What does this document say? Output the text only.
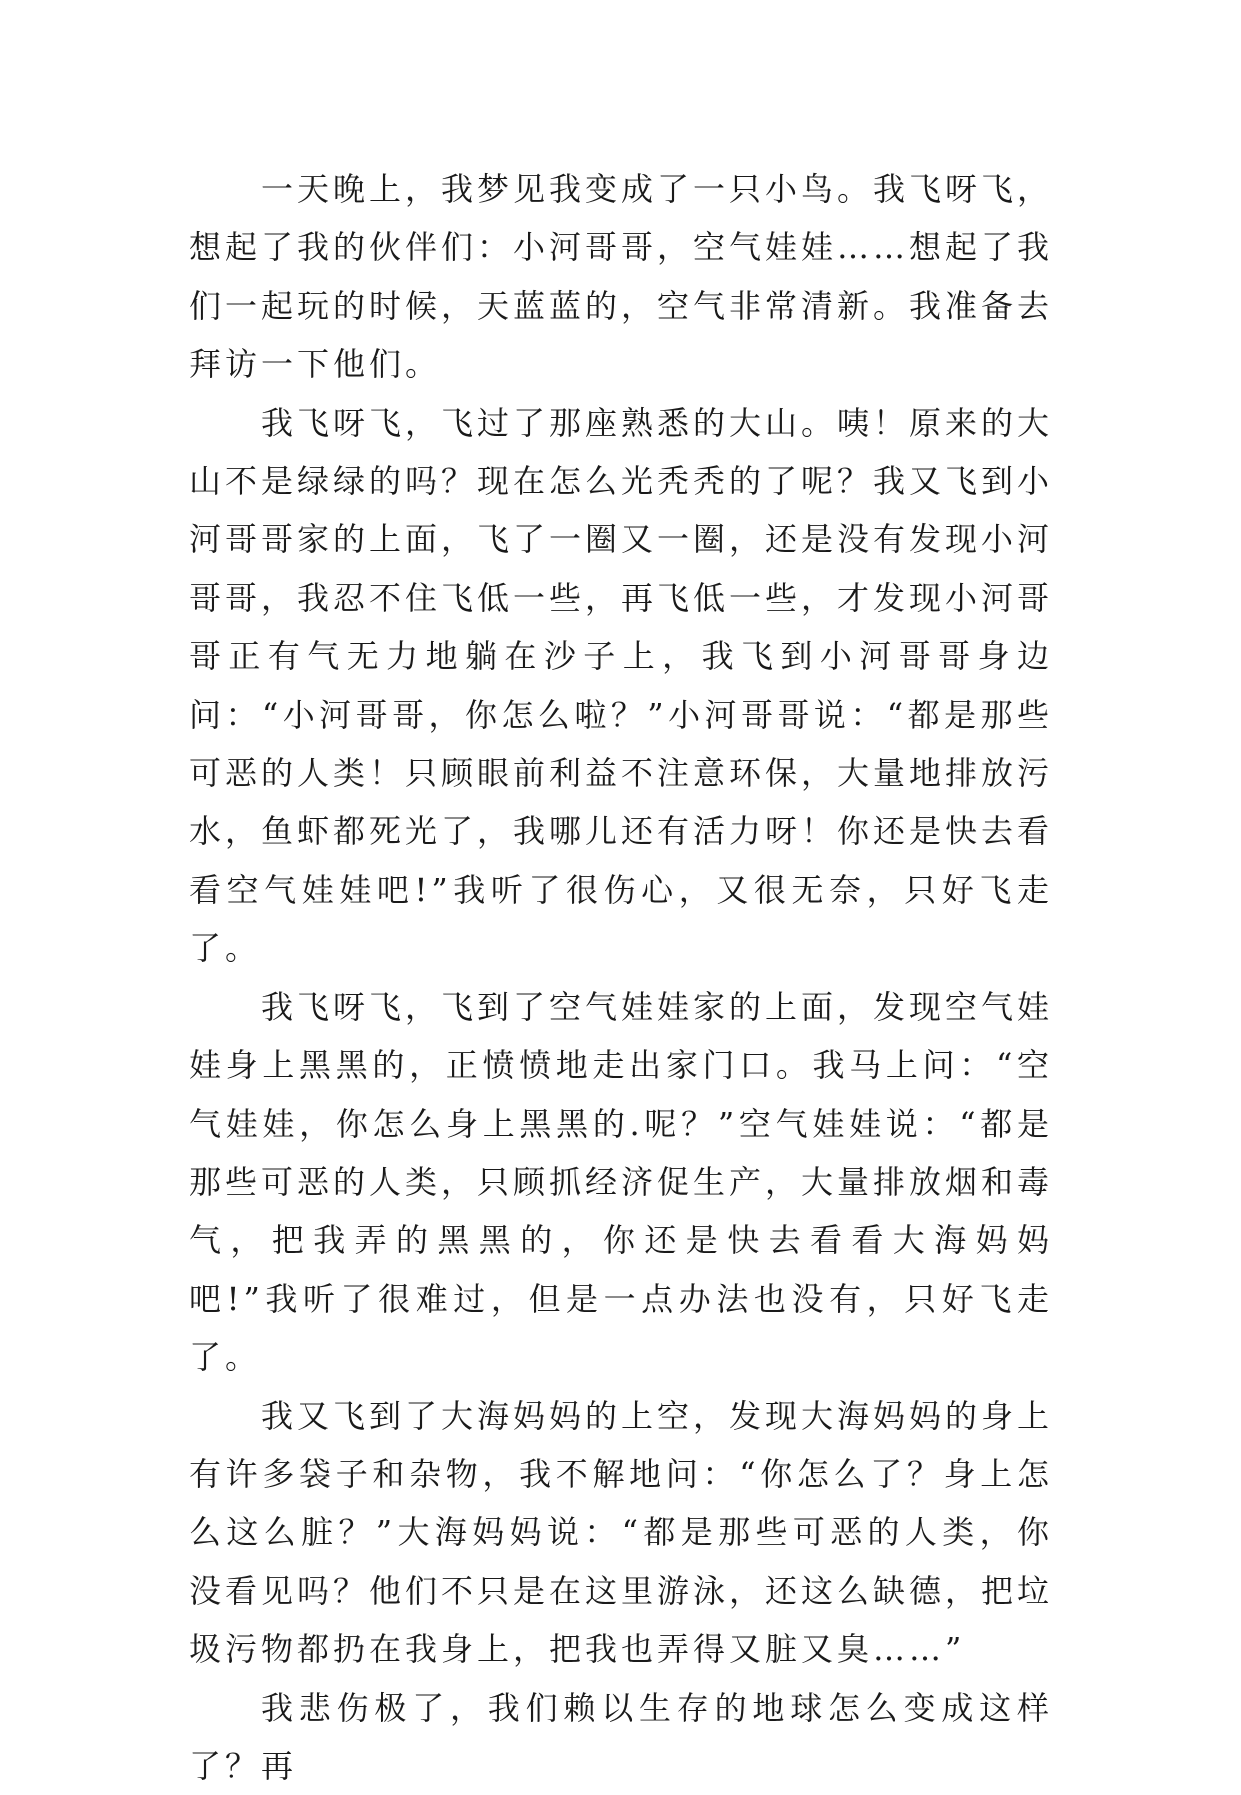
一天晚上，我梦见我变成了一只小鸟。我飞呀飞，想起了我的伙伴们：小河哥哥，空气娃娃……想起了我们一起玩的时候，天蓝蓝的，空气非常清新。我准备去拜访一下他们。

我飞呀飞，飞过了那座熟悉的大山。咦！原来的大山不是绿绿的吗？现在怎么光秃秃的了呢？我又飞到小河哥哥家的上面，飞了一圈又一圈，还是没有发现小河哥哥，我忍不住飞低一些，再飞低一些，才发现小河哥哥正有气无力地躺在沙子上，我飞到小河哥哥身边问：“小河哥哥，你怎么啦？”小河哥哥说：“都是那些可恶的人类！只顾眼前利益不注意环保，大量地排放污水，鱼虾都死光了，我哪儿还有活力呀！你还是快去看看空气娃娃吧!”我听了很伤心，又很无奈，只好飞走了。

我飞呀飞，飞到了空气娃娃家的上面，发现空气娃娃身上黑黑的，正愤愤地走出家门口。我马上问：“空气娃娃，你怎么身上黑黑的.呢？”空气娃娃说：“都是那些可恶的人类，只顾抓经济促生产，大量排放烟和毒气，把我弄的黑黑的，你还是快去看看大海妈妈吧!”我听了很难过，但是一点办法也没有，只好飞走了。

我又飞到了大海妈妈的上空，发现大海妈妈的身上有许多袋子和杂物，我不解地问：“你怎么了？身上怎么这么脏？”大海妈妈说：“都是那些可恶的人类，你没看见吗？他们不只是在这里游泳，还这么缺德，把垃圾污物都扔在我身上，把我也弄得又脏又臭……”

我悲伤极了，我们赖以生存的地球怎么变成这样了？再
